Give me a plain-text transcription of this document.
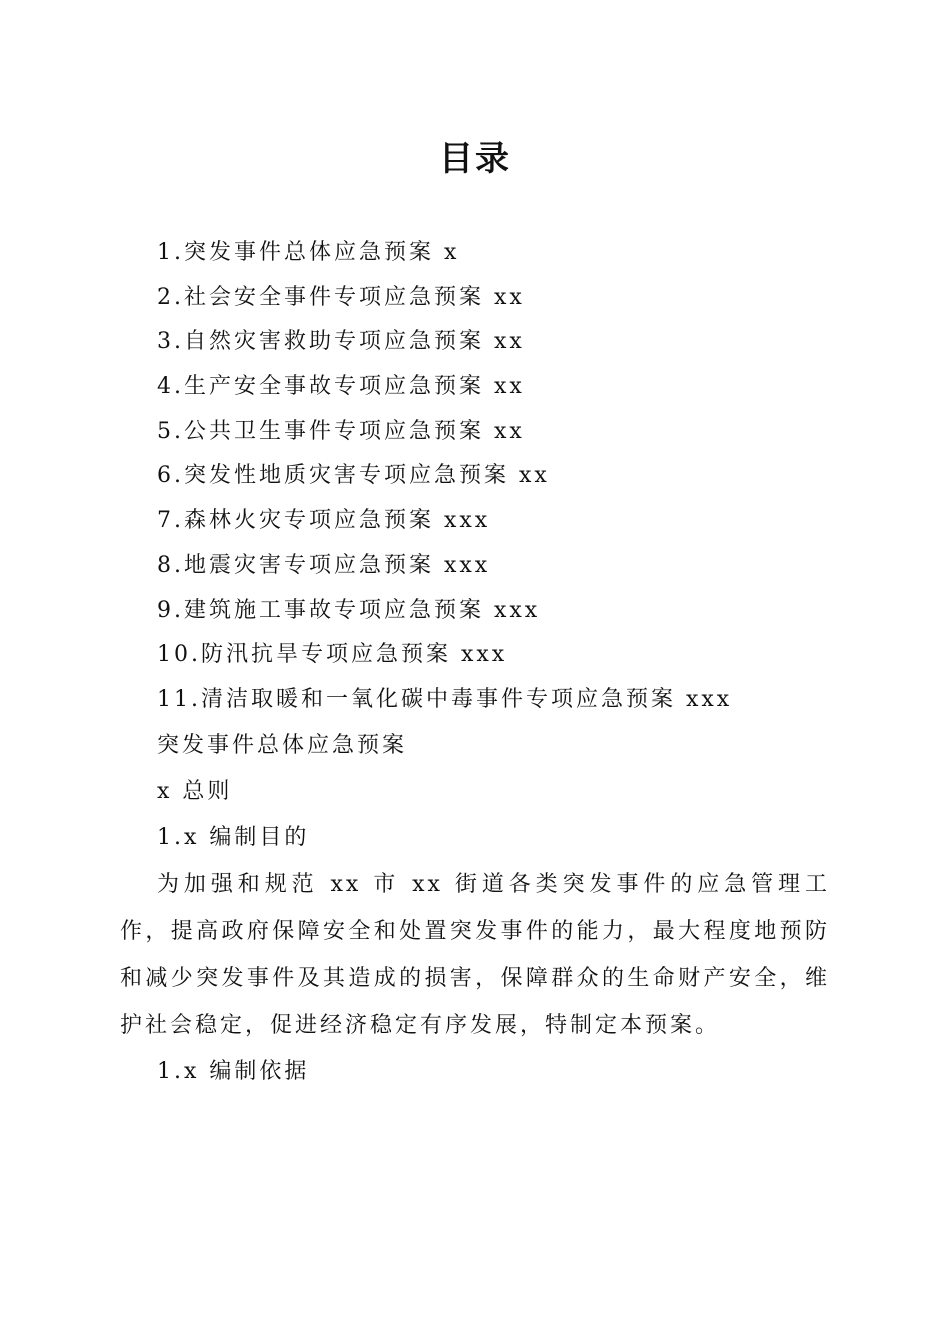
目录
1.突发事件总体应急预案 x
2.社会安全事件专项应急预案 xx
3.自然灾害救助专项应急预案 xx
4.生产安全事故专项应急预案 xx
5.公共卫生事件专项应急预案 xx
6.突发性地质灾害专项应急预案 xx
7.森林火灾专项应急预案 xxx
8.地震灾害专项应急预案 xxx
9.建筑施工事故专项应急预案 xxx
10.防汛抗旱专项应急预案 xxx
11.清洁取暖和一氧化碳中毒事件专项应急预案 xxx

突发事件总体应急预案

x 总则

1.x 编制目的

为加强和规范 xx 市 xx 街道各类突发事件的应急管理工作，提高政府保障安全和处置突发事件的能力，最大程度地预防和减少突发事件及其造成的损害，保障群众的生命财产安全，维护社会稳定，促进经济稳定有序发展，特制定本预案。

1.x 编制依据
